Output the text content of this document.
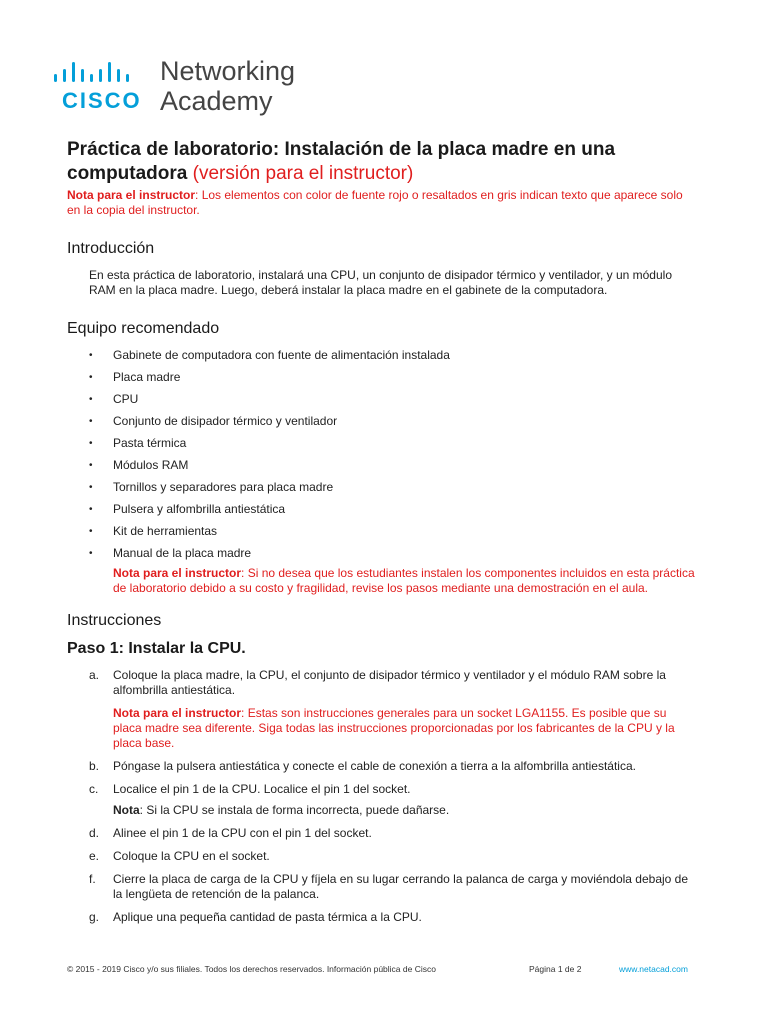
CISCO
Networking
Academy
Práctica de laboratorio: Instalación de la placa madre en una computadora (versión para el instructor)

Nota para el instructor: Los elementos con color de fuente rojo o resaltados en gris indican texto que aparece solo en la copia del instructor.

Introducción

En esta práctica de laboratorio, instalará una CPU, un conjunto de disipador térmico y ventilador, y un módulo RAM en la placa madre. Luego, deberá instalar la placa madre en el gabinete de la computadora.

Equipo recomendado
• Gabinete de computadora con fuente de alimentación instalada
• Placa madre
• CPU
• Conjunto de disipador térmico y ventilador
• Pasta térmica
• Módulos RAM
• Tornillos y separadores para placa madre
• Pulsera y alfombrilla antiestática
• Kit de herramientas
• Manual de la placa madre

Nota para el instructor: Si no desea que los estudiantes instalen los componentes incluidos en esta práctica de laboratorio debido a su costo y fragilidad, revise los pasos mediante una demostración en el aula.

Instrucciones
Paso 1: Instalar la CPU.
a. Coloque la placa madre, la CPU, el conjunto de disipador térmico y ventilador y el módulo RAM sobre la alfombrilla antiestática.

Nota para el instructor: Estas son instrucciones generales para un socket LGA1155. Es posible que su placa madre sea diferente. Siga todas las instrucciones proporcionadas por los fabricantes de la CPU y la placa base.

b. Póngase la pulsera antiestática y conecte el cable de conexión a tierra a la alfombrilla antiestática.
c. Localice el pin 1 de la CPU. Localice el pin 1 del socket.

Nota: Si la CPU se instala de forma incorrecta, puede dañarse.

d. Alinee el pin 1 de la CPU con el pin 1 del socket.
e. Coloque la CPU en el socket.
f. Cierre la placa de carga de la CPU y fíjela en su lugar cerrando la palanca de carga y moviéndola debajo de la lengüeta de retención de la palanca.
g. Aplique una pequeña cantidad de pasta térmica a la CPU.
© 2015 - 2019 Cisco y/o sus filiales. Todos los derechos reservados. Información pública de Cisco	Página 1 de 2	www.netacad.com
